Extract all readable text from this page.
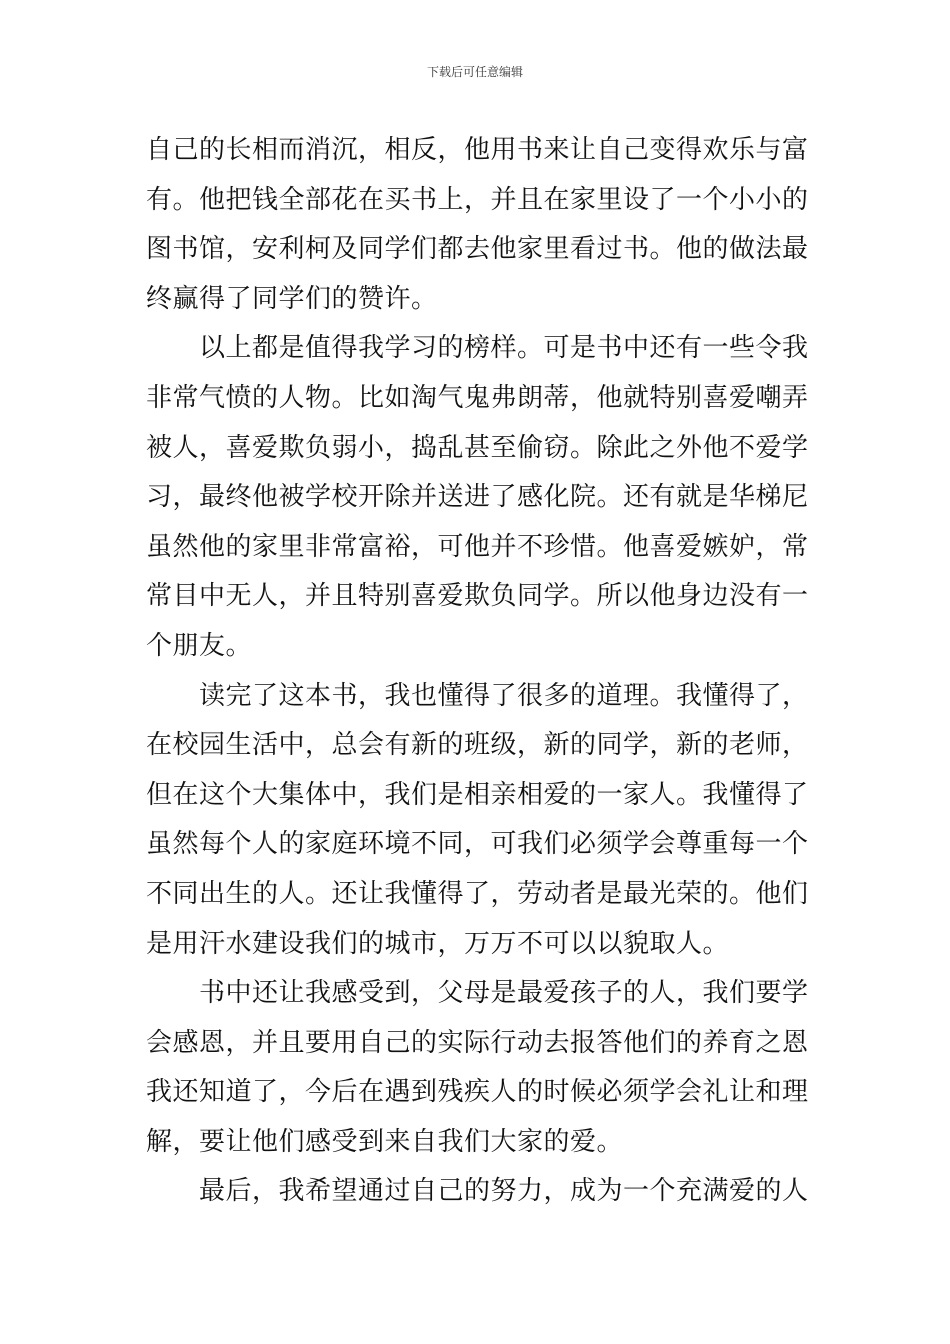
下载后可任意编辑
自己的长相而消沉，相反，他用书来让自己变得欢乐与富
有。他把钱全部花在买书上，并且在家里设了一个小小的
图书馆，安利柯及同学们都去他家里看过书。他的做法最
终赢得了同学们的赞许。
以上都是值得我学习的榜样。可是书中还有一些令我
非常气愤的人物。比如淘气鬼弗朗蒂，他就特别喜爱嘲弄
被人，喜爱欺负弱小，捣乱甚至偷窃。除此之外他不爱学
习，最终他被学校开除并送进了感化院。还有就是华梯尼
虽然他的家里非常富裕，可他并不珍惜。他喜爱嫉妒，常
常目中无人，并且特别喜爱欺负同学。所以他身边没有一
个朋友。
读完了这本书，我也懂得了很多的道理。我懂得了，
在校园生活中，总会有新的班级，新的同学，新的老师，
但在这个大集体中，我们是相亲相爱的一家人。我懂得了
虽然每个人的家庭环境不同，可我们必须学会尊重每一个
不同出生的人。还让我懂得了，劳动者是最光荣的。他们
是用汗水建设我们的城市，万万不可以以貌取人。
书中还让我感受到，父母是最爱孩子的人，我们要学
会感恩，并且要用自己的实际行动去报答他们的养育之恩
我还知道了，今后在遇到残疾人的时候必须学会礼让和理
解，要让他们感受到来自我们大家的爱。
最后，我希望通过自己的努力，成为一个充满爱的人
